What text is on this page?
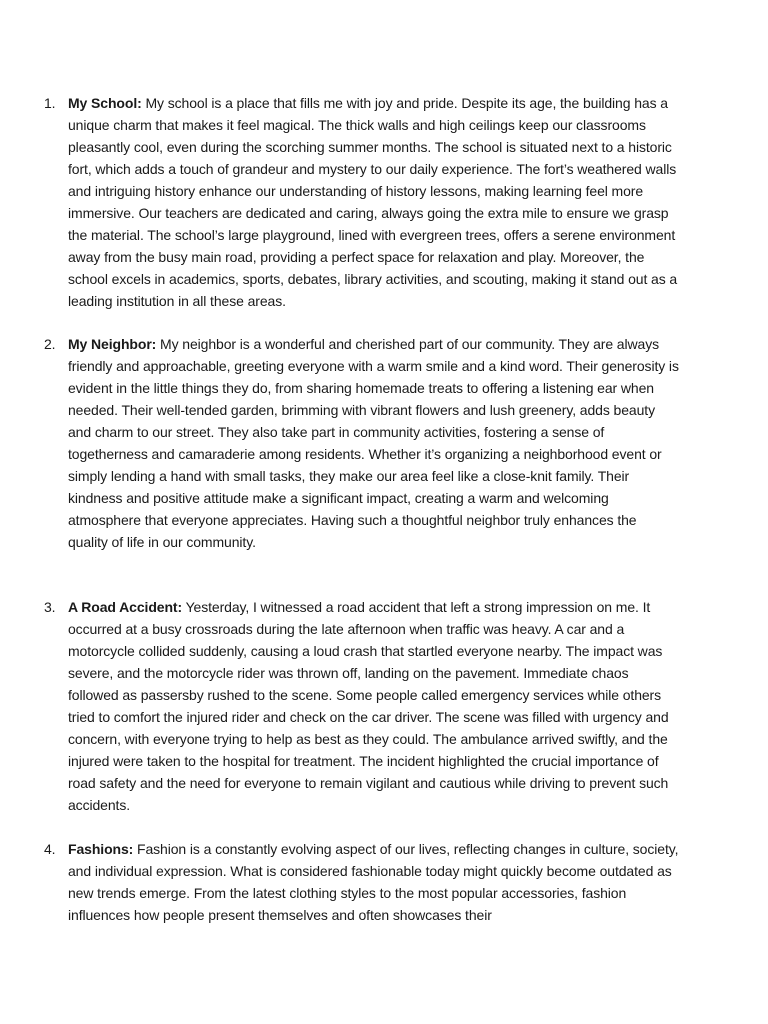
1. My School: My school is a place that fills me with joy and pride. Despite its age, the building has a unique charm that makes it feel magical. The thick walls and high ceilings keep our classrooms pleasantly cool, even during the scorching summer months. The school is situated next to a historic fort, which adds a touch of grandeur and mystery to our daily experience. The fort’s weathered walls and intriguing history enhance our understanding of history lessons, making learning feel more immersive. Our teachers are dedicated and caring, always going the extra mile to ensure we grasp the material. The school’s large playground, lined with evergreen trees, offers a serene environment away from the busy main road, providing a perfect space for relaxation and play. Moreover, the school excels in academics, sports, debates, library activities, and scouting, making it stand out as a leading institution in all these areas.
2. My Neighbor: My neighbor is a wonderful and cherished part of our community. They are always friendly and approachable, greeting everyone with a warm smile and a kind word. Their generosity is evident in the little things they do, from sharing homemade treats to offering a listening ear when needed. Their well-tended garden, brimming with vibrant flowers and lush greenery, adds beauty and charm to our street. They also take part in community activities, fostering a sense of togetherness and camaraderie among residents. Whether it’s organizing a neighborhood event or simply lending a hand with small tasks, they make our area feel like a close-knit family. Their kindness and positive attitude make a significant impact, creating a warm and welcoming atmosphere that everyone appreciates. Having such a thoughtful neighbor truly enhances the quality of life in our community.
3. A Road Accident: Yesterday, I witnessed a road accident that left a strong impression on me. It occurred at a busy crossroads during the late afternoon when traffic was heavy. A car and a motorcycle collided suddenly, causing a loud crash that startled everyone nearby. The impact was severe, and the motorcycle rider was thrown off, landing on the pavement. Immediate chaos followed as passersby rushed to the scene. Some people called emergency services while others tried to comfort the injured rider and check on the car driver. The scene was filled with urgency and concern, with everyone trying to help as best as they could. The ambulance arrived swiftly, and the injured were taken to the hospital for treatment. The incident highlighted the crucial importance of road safety and the need for everyone to remain vigilant and cautious while driving to prevent such accidents.
4. Fashions: Fashion is a constantly evolving aspect of our lives, reflecting changes in culture, society, and individual expression. What is considered fashionable today might quickly become outdated as new trends emerge. From the latest clothing styles to the most popular accessories, fashion influences how people present themselves and often showcases their
